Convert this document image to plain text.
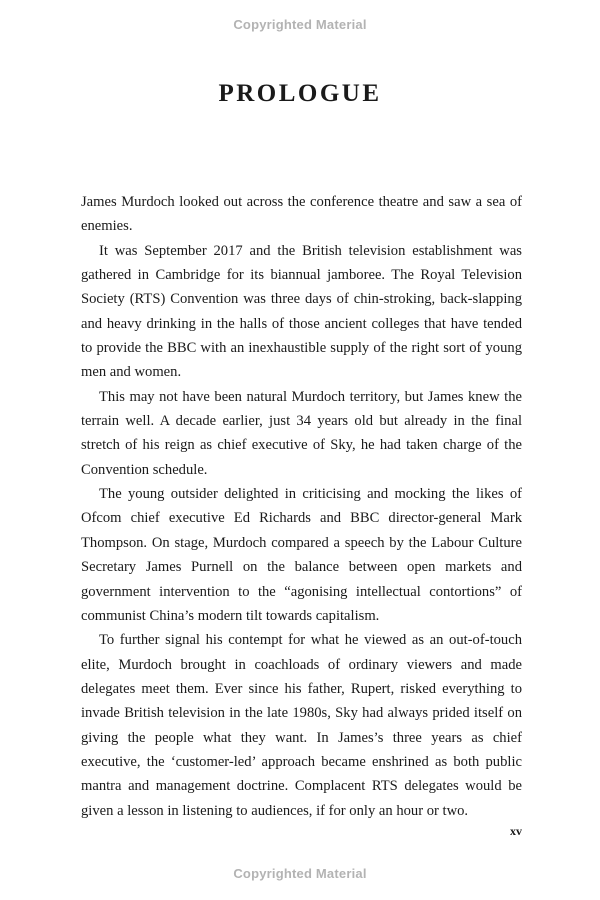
Copyrighted Material
PROLOGUE

James Murdoch looked out across the conference theatre and saw a sea of enemies.

It was September 2017 and the British television establishment was gathered in Cambridge for its biannual jamboree. The Royal Television Society (RTS) Convention was three days of chin-stroking, back-slapping and heavy drinking in the halls of those ancient colleges that have tended to provide the BBC with an inexhaustible supply of the right sort of young men and women.

This may not have been natural Murdoch territory, but James knew the terrain well. A decade earlier, just 34 years old but already in the final stretch of his reign as chief executive of Sky, he had taken charge of the Convention schedule.

The young outsider delighted in criticising and mocking the likes of Ofcom chief executive Ed Richards and BBC director-general Mark Thompson. On stage, Murdoch compared a speech by the Labour Culture Secretary James Purnell on the balance between open markets and government intervention to the “agonising intellectual contortions” of communist China’s modern tilt towards capitalism.

To further signal his contempt for what he viewed as an out-of-touch elite, Murdoch brought in coachloads of ordinary viewers and made delegates meet them. Ever since his father, Rupert, risked everything to invade British television in the late 1980s, Sky had always prided itself on giving the people what they want. In James’s three years as chief executive, the ‘customer-led’ approach became enshrined as both public mantra and management doctrine. Complacent RTS delegates would be given a lesson in listening to audiences, if for only an hour or two.

xv
Copyrighted Material
